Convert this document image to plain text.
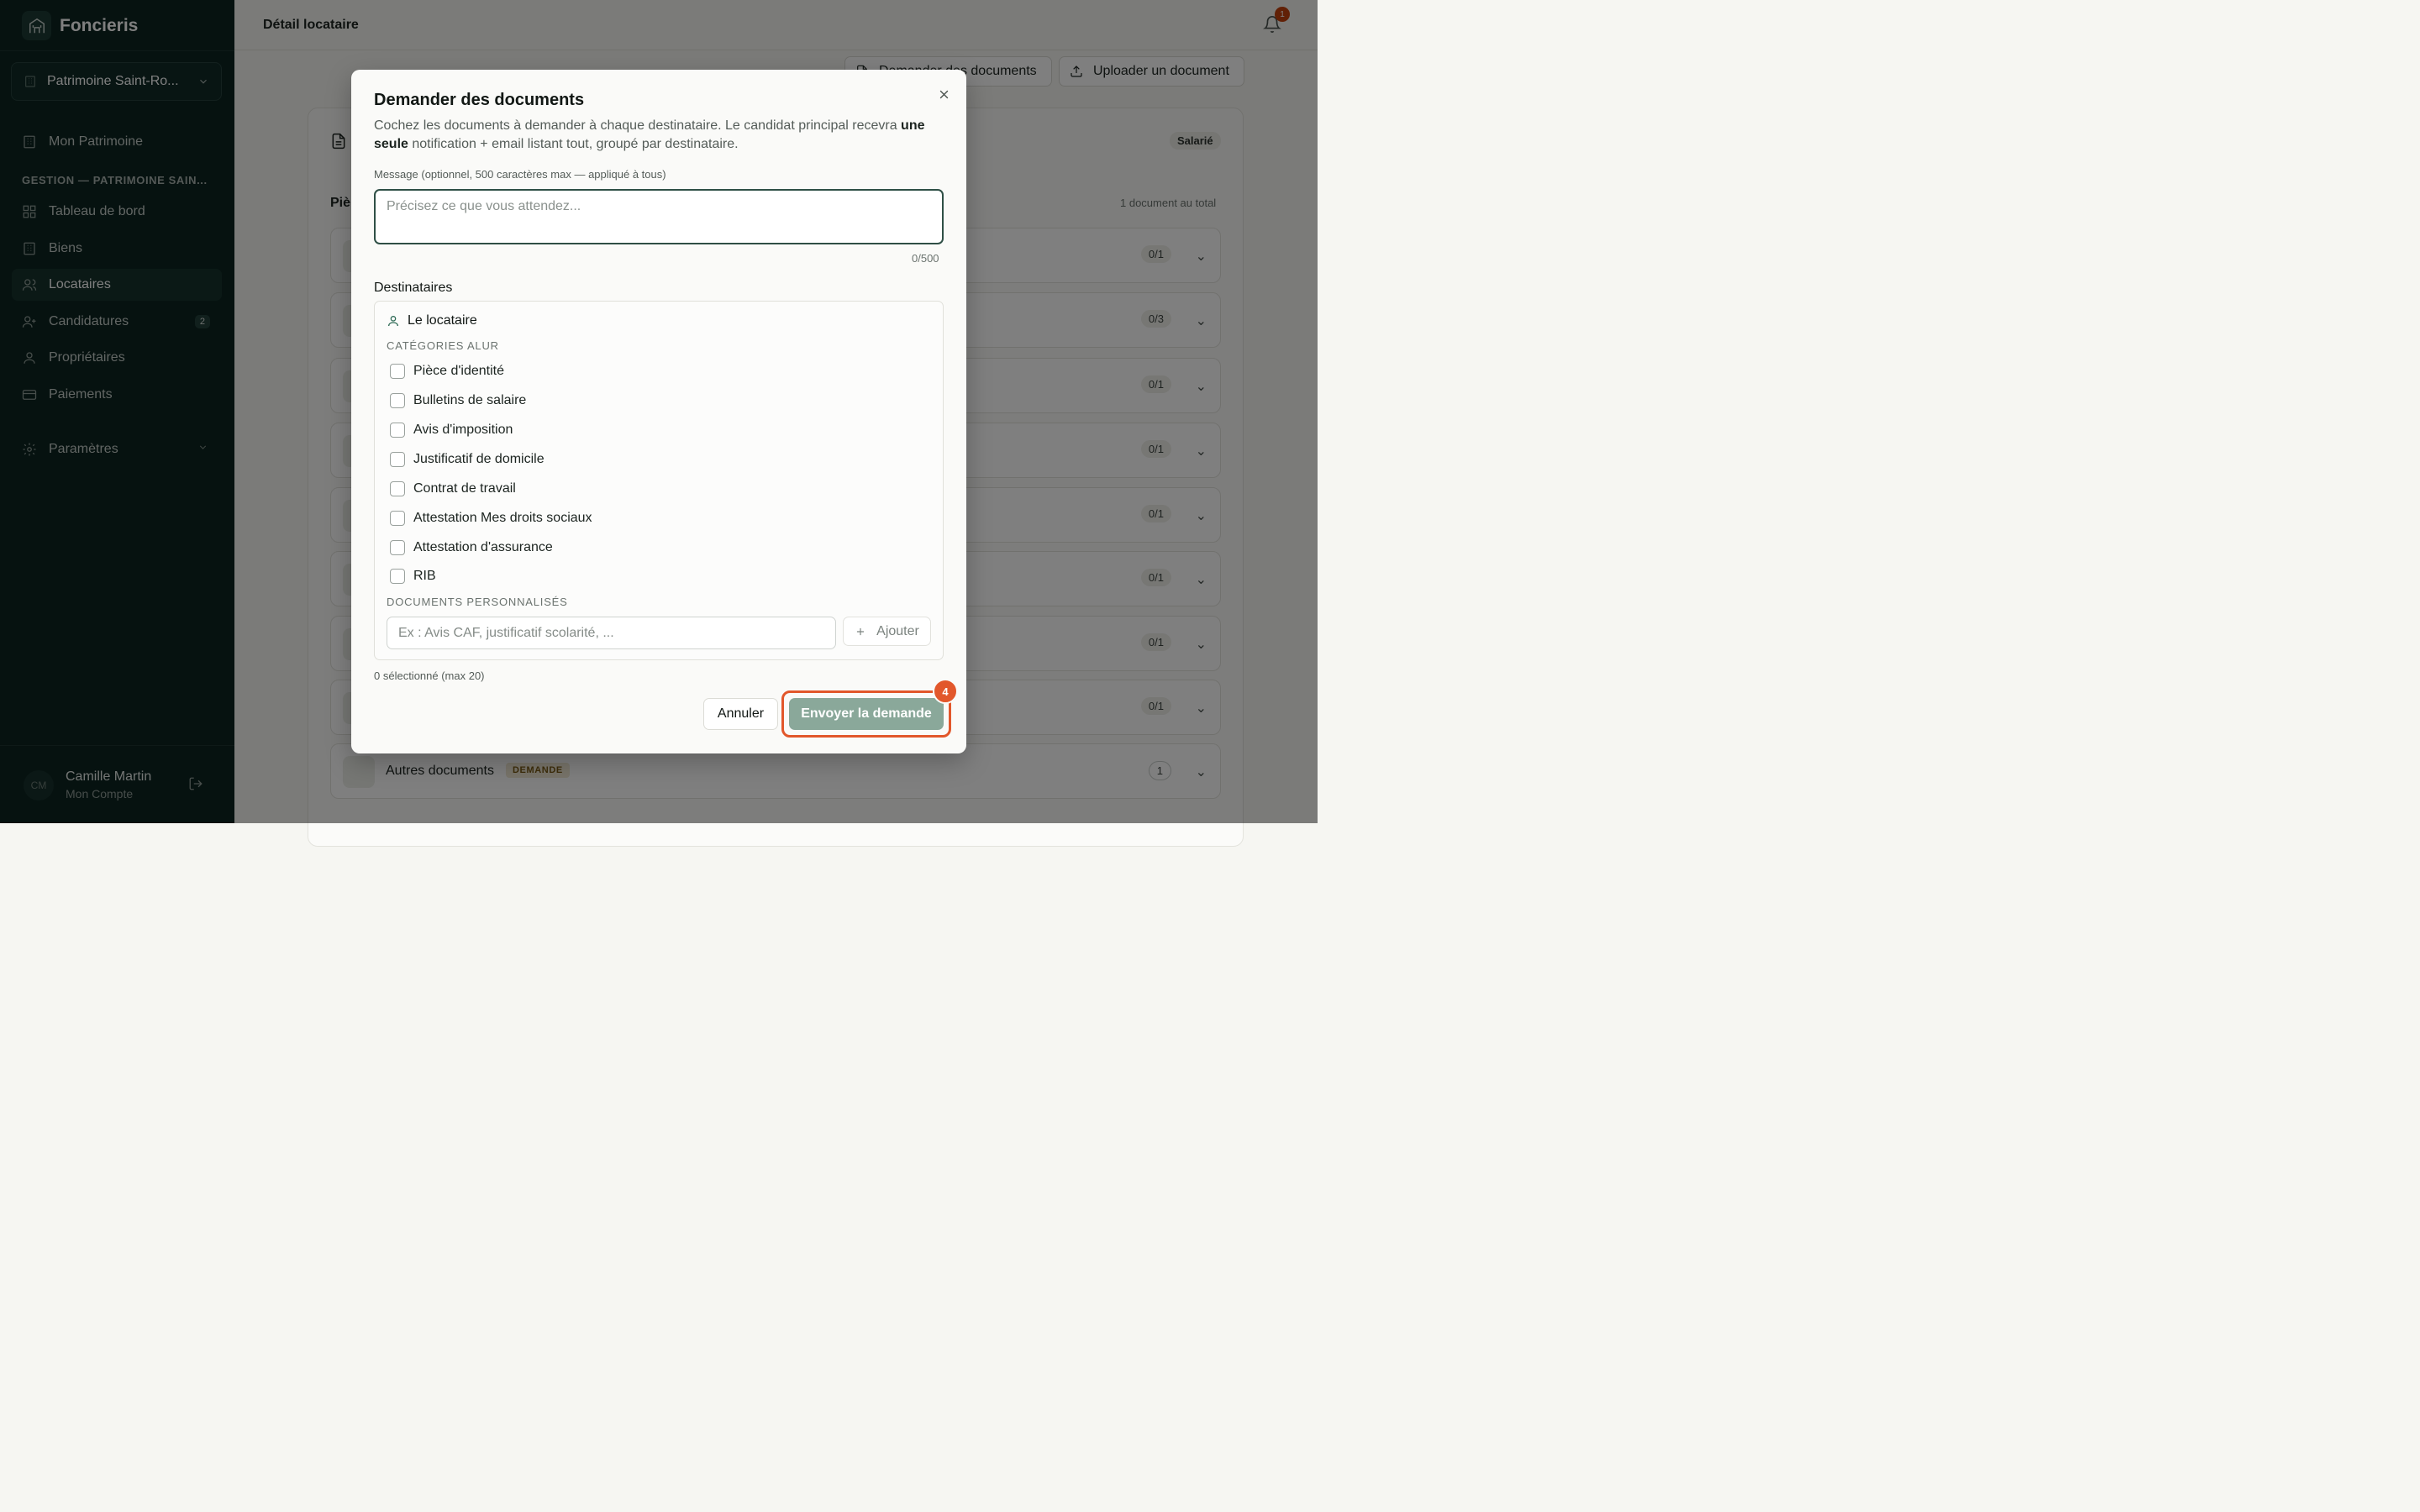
Demander des documents
Cochez les documents à demander à chaque destinataire. Le candidat principal recevra une seule notification + email listant tout, groupé par destinataire.
Message (optionnel, 500 caractères max — appliqué à tous)
Précisez ce que vous attendez...
0/500
Destinataires
Le locataire
CATÉGORIES ALUR
Pièce d'identité
Bulletins de salaire
Avis d'imposition
Justificatif de domicile
Contrat de travail
Attestation Mes droits sociaux
Attestation d'assurance
RIB
DOCUMENTS PERSONNALISÉS
Ex : Avis CAF, justificatif scolarité, ...
Ajouter
0 sélectionné (max 20)
Annuler	Envoyer la demande
4
